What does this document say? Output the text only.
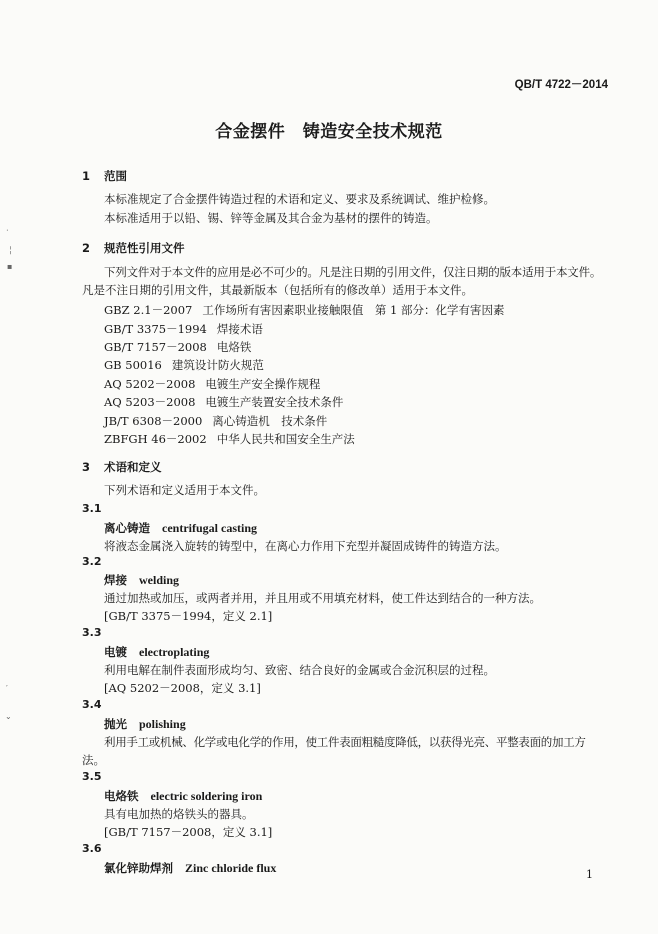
QB/T 4722－2014
合金摆件　铸造安全技术规范
1 范围
本标准规定了合金摆件铸造过程的术语和定义、要求及系统调试、维护检修。
本标准适用于以铅、锡、锌等金属及其合金为基材的摆件的铸造。
2 规范性引用文件
下列文件对于本文件的应用是必不可少的。凡是注日期的引用文件，仅注日期的版本适用于本文件。
凡是不注日期的引用文件，其最新版本（包括所有的修改单）适用于本文件。
GBZ 2.1－2007 工作场所有害因素职业接触限值　第 1 部分：化学有害因素
GB/T 3375－1994 焊接术语
GB/T 7157－2008 电烙铁
GB 50016 建筑设计防火规范
AQ 5202－2008 电镀生产安全操作规程
AQ 5203－2008 电镀生产装置安全技术条件
JB/T 6308－2000 离心铸造机　技术条件
ZBFGH 46－2002 中华人民共和国安全生产法
3 术语和定义
下列术语和定义适用于本文件。
3.1
离心铸造 centrifugal casting
将液态金属浇入旋转的铸型中，在离心力作用下充型并凝固成铸件的铸造方法。
3.2
焊接 welding
通过加热或加压，或两者并用，并且用或不用填充材料，使工件达到结合的一种方法。
[GB/T 3375－1994，定义 2.1]
3.3
电镀 electroplating
利用电解在制件表面形成均匀、致密、结合良好的金属或合金沉积层的过程。
[AQ 5202－2008，定义 3.1]
3.4
抛光 polishing
利用手工或机械、化学或电化学的作用，使工件表面粗糙度降低，以获得光亮、平整表面的加工方
法。
3.5
电烙铁 electric soldering iron
具有电加热的烙铁头的器具。
[GB/T 7157－2008，定义 3.1]
3.6
氯化锌助焊剂 Zinc chloride flux	1
⋅
╎
▪
′
⌄
